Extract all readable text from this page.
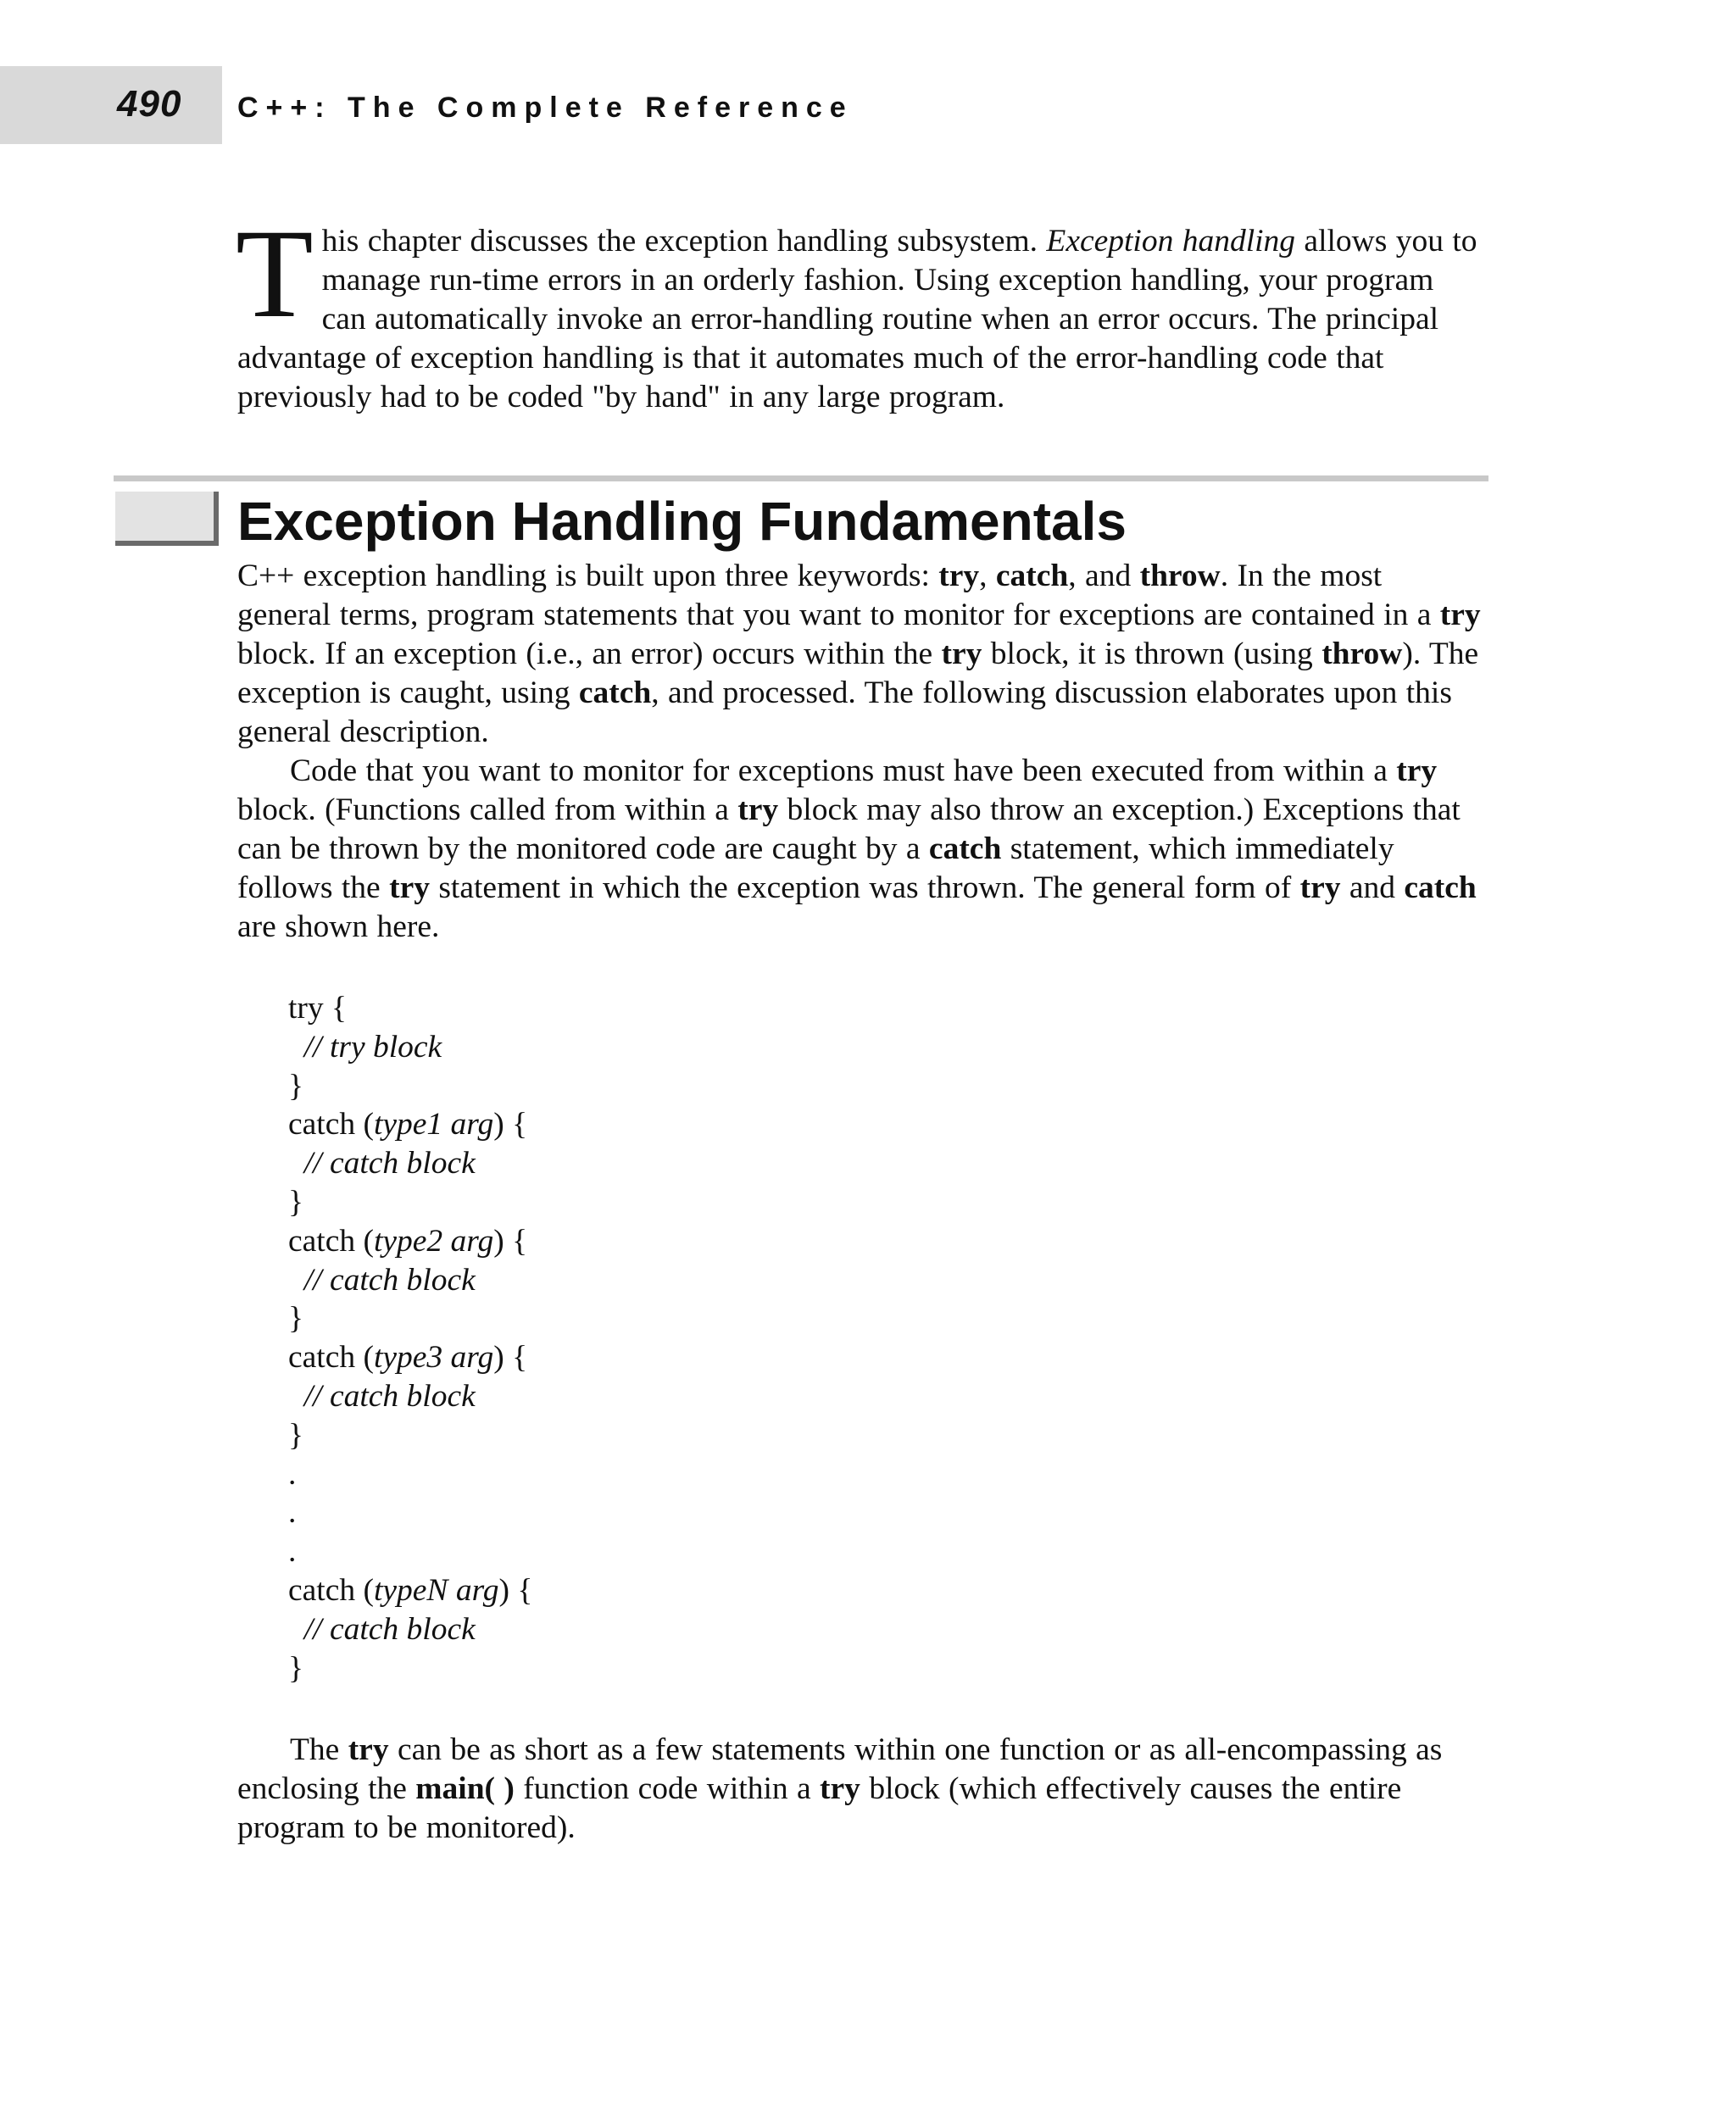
490 C++: The Complete Reference

This chapter discusses the exception handling subsystem. Exception handling allows you to manage run-time errors in an orderly fashion. Using exception handling, your program can automatically invoke an error-handling routine when an error occurs. The principal advantage of exception handling is that it automates much of the error-handling code that previously had to be coded "by hand" in any large program.

Exception Handling Fundamentals

C++ exception handling is built upon three keywords: try, catch, and throw. In the most general terms, program statements that you want to monitor for exceptions are contained in a try block. If an exception (i.e., an error) occurs within the try block, it is thrown (using throw). The exception is caught, using catch, and processed. The following discussion elaborates upon this general description.

Code that you want to monitor for exceptions must have been executed from within a try block. (Functions called from within a try block may also throw an exception.) Exceptions that can be thrown by the monitored code are caught by a catch statement, which immediately follows the try statement in which the exception was thrown. The general form of try and catch are shown here.

try {
// try block
}
catch (type1 arg) {
// catch block
}
catch (type2 arg) {
// catch block
}
catch (type3 arg) {
// catch block
}
.
.
.
catch (typeN arg) {
// catch block
}

The try can be as short as a few statements within one function or as all-encompassing as enclosing the main( ) function code within a try block (which effectively causes the entire program to be monitored).
